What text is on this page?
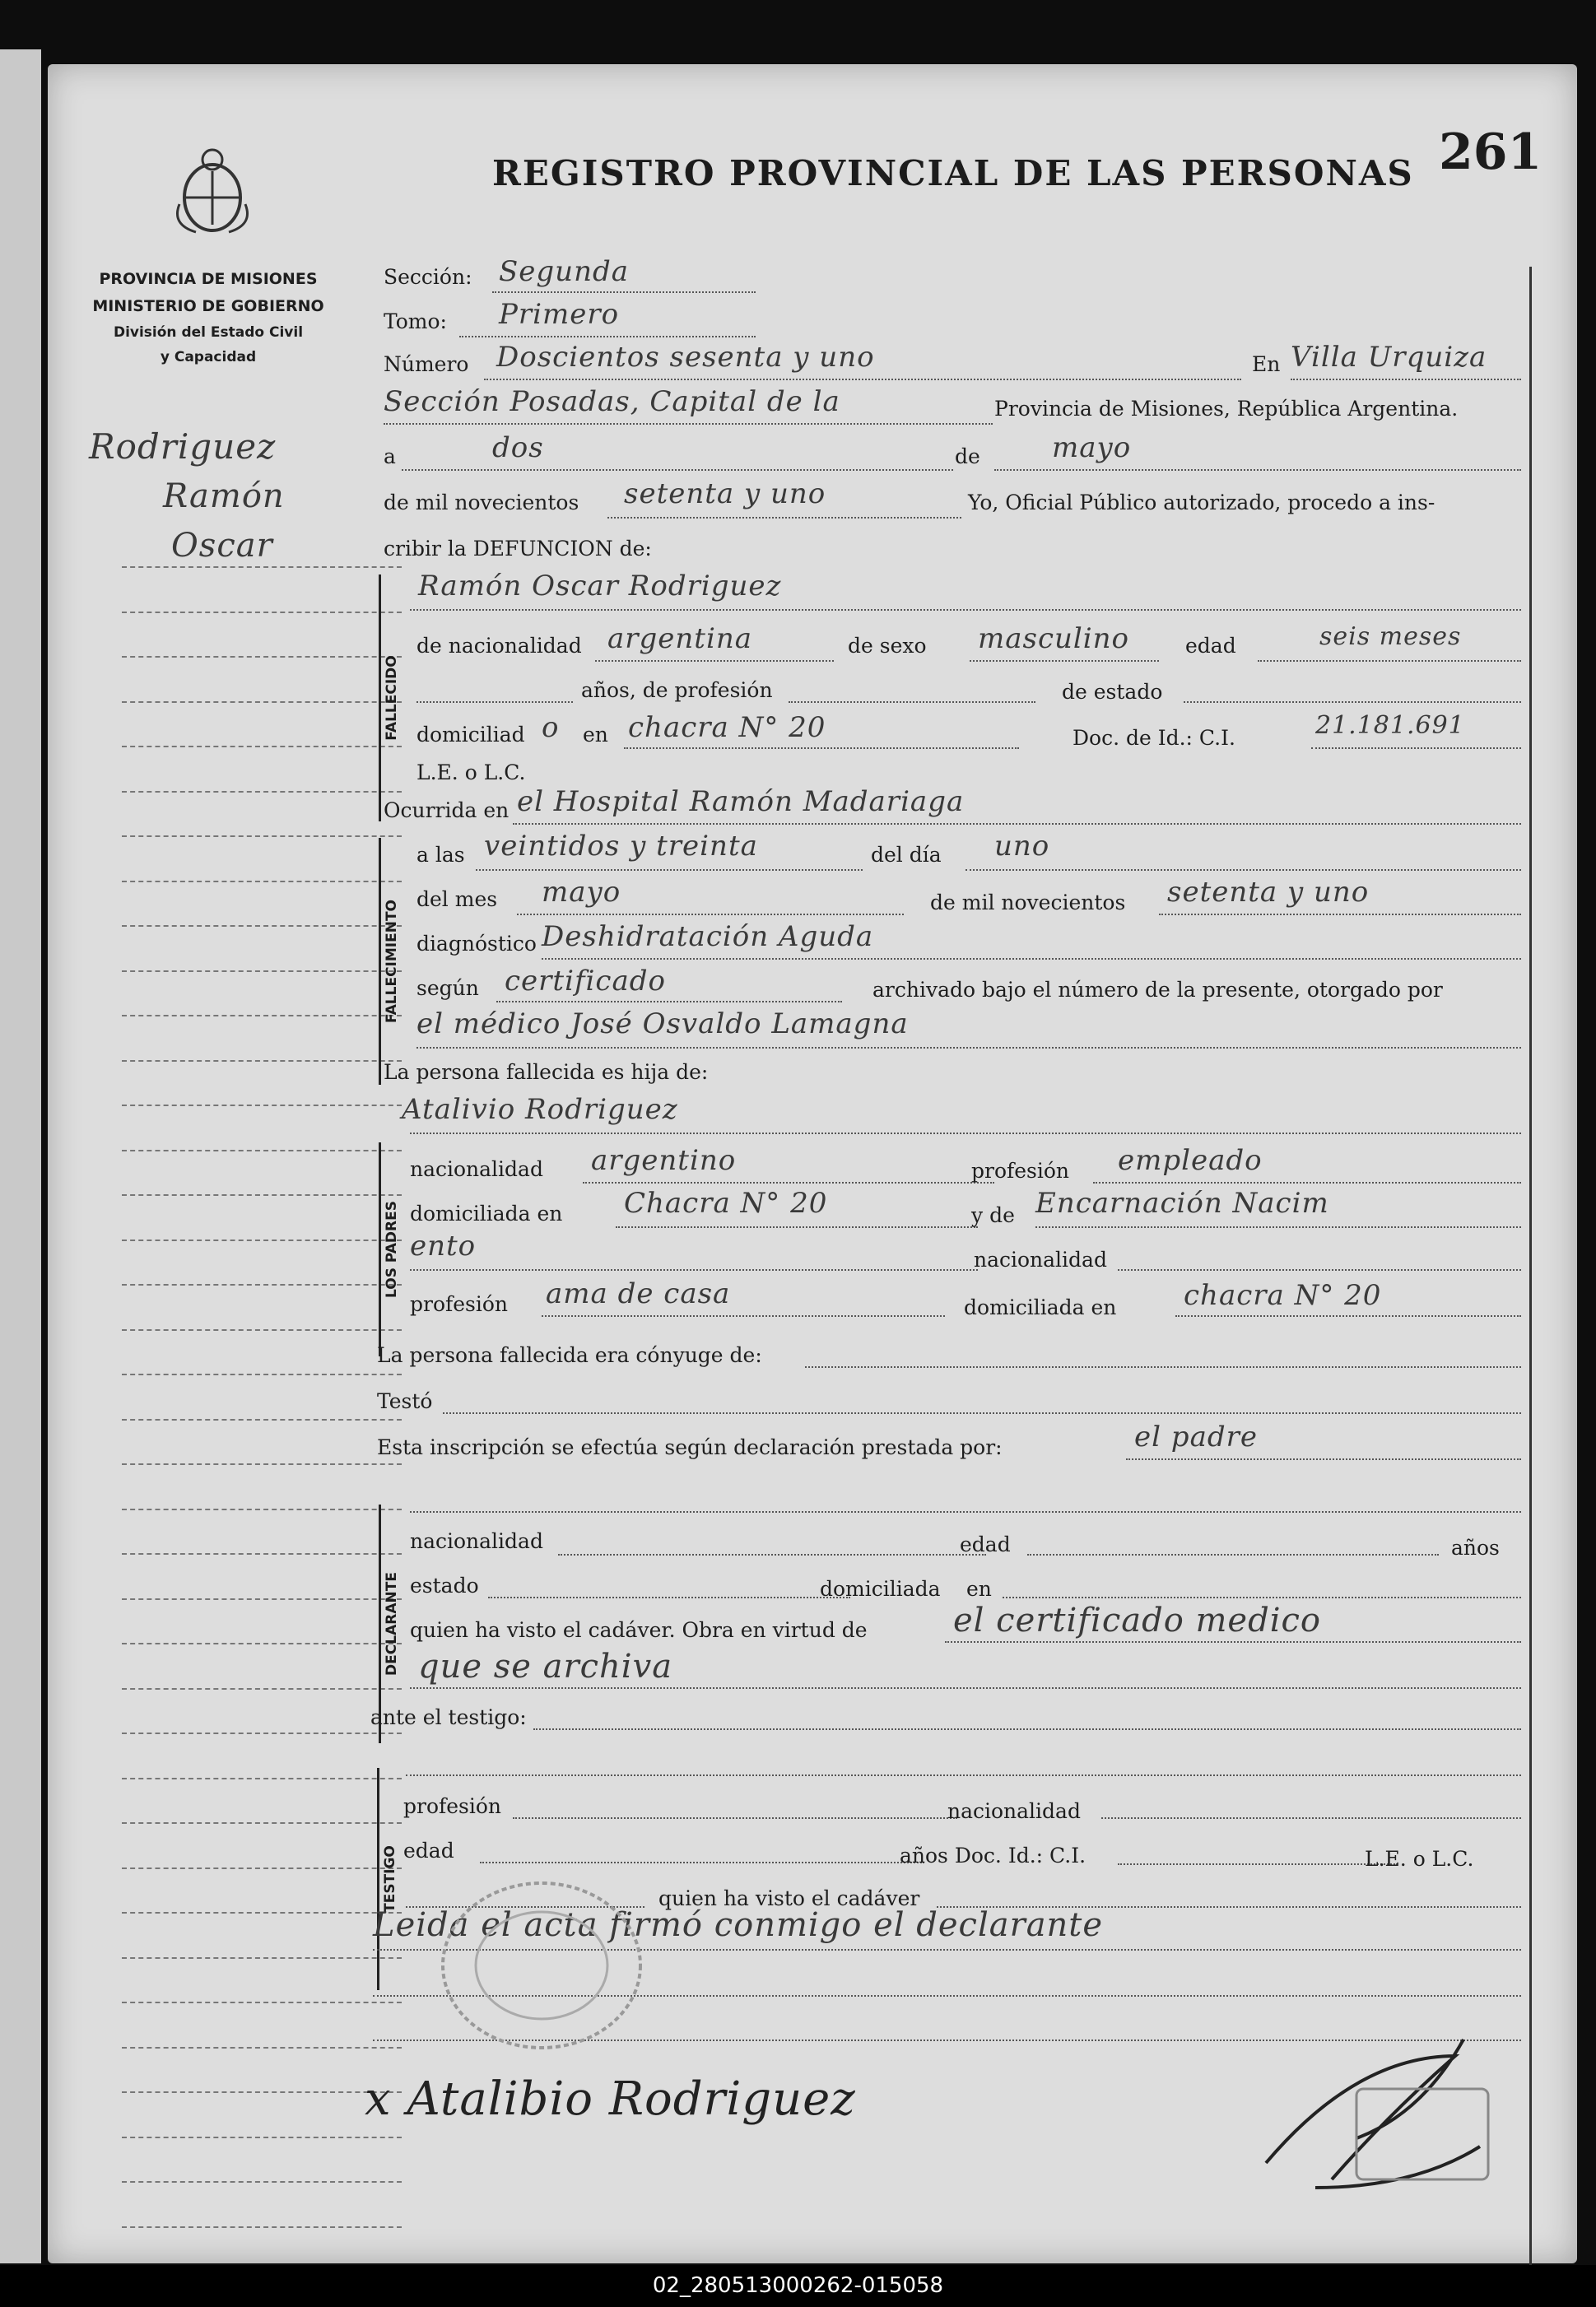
PROVINCIA DE MISIONES
MINISTERIO DE GOBIERNO
División del Estado Civil
y Capacidad
REGISTRO PROVINCIAL DE LAS PERSONAS 261
Rodriguez
Ramón
Oscar
Sección: Segunda
Tomo: Primero
Número Doscientos sesenta y uno	En Villa Urquiza
Sección Posadas, Capital de la	Provincia de Misiones, República Argentina.
a	dos	de	mayo
de mil novecientos setenta y uno	Yo, Oficial Público autorizado, procedo a ins-
cribir la DEFUNCION de:
FALLECIDO
Ramón Oscar Rodriguez
de nacionalidad argentina	de sexo masculino	edad	seis meses
años, de profesión	de estado
domiciliad o en chacra N° 20	Doc. de Id.: C.I.	21.181.691
L.E. o L.C.
Ocurrida en el Hospital Ramón Madariaga
FALLECIMIENTO
a las veintidos y treinta	del día uno
del mes mayo	de mil novecientos setenta y uno
diagnóstico Deshidratación Aguda
según certificado	archivado bajo el número de la presente, otorgado por
el médico José Osvaldo Lamagna
La persona fallecida es hija de:
Atalivio Rodriguez
LOS PADRES
nacionalidad argentino	profesión empleado
domiciliada en Chacra N° 20	y de Encarnación Nacim
ento	nacionalidad
profesión ama de casa	domiciliada en chacra N° 20
La persona fallecida era cónyuge de:
Testó
Esta inscripción se efectúa según declaración prestada por:	el padre
DECLARANTE
nacionalidad	edad	años
estado	domiciliada en
quien ha visto el cadáver. Obra en virtud de	el certificado medico
que se archiva
ante el testigo:
TESTIGO
profesión	nacionalidad
edad	años Doc. Id.: C.I.	L.E. o L.C.
quien ha visto el cadáver
Leida el acta firmó conmigo el declarante
x Atalibio Rodriguez
02_280513000262-015058
